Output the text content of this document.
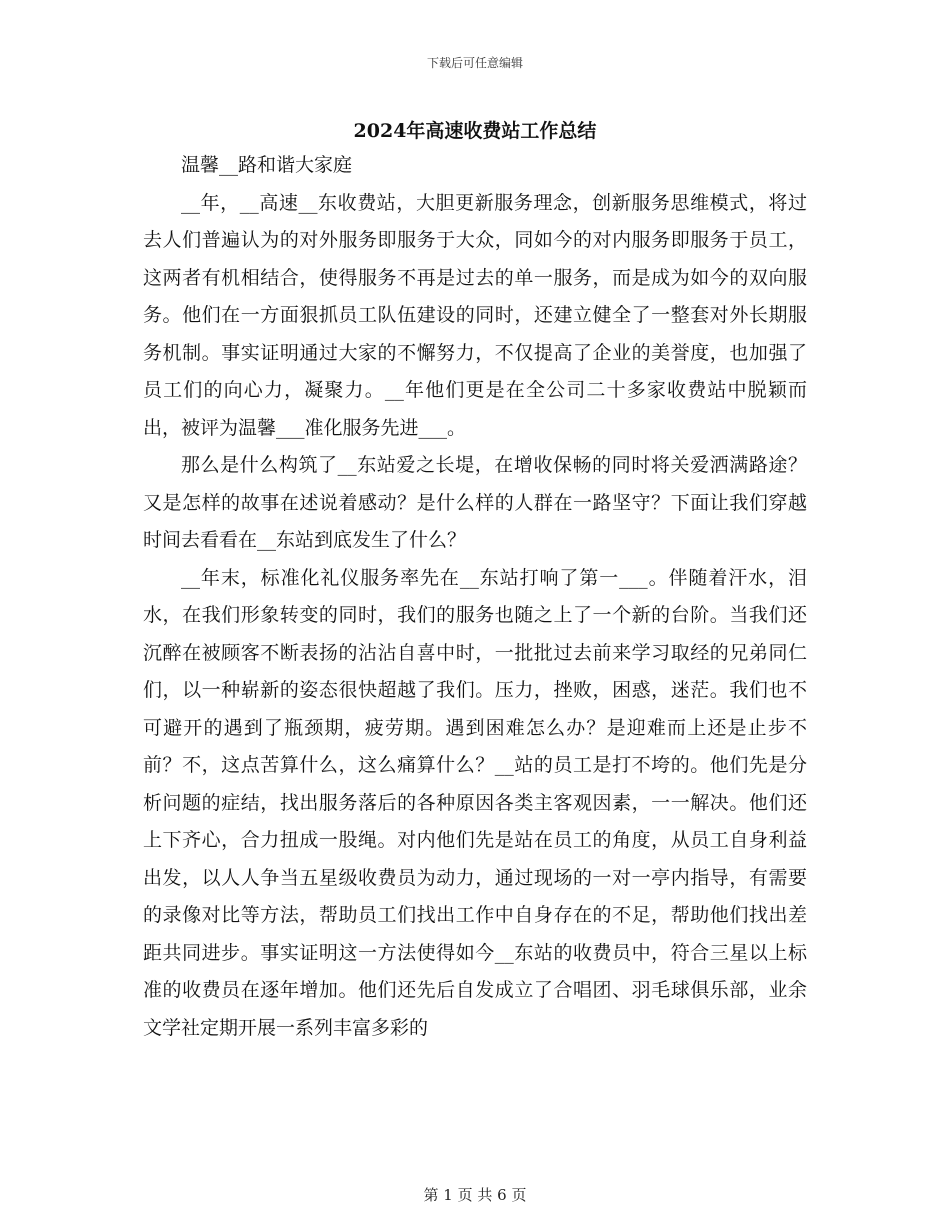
下载后可任意编辑
2024年高速收费站工作总结

温馨__路和谐大家庭

__年，__高速__东收费站，大胆更新服务理念，创新服务思维模式，将过去人们普遍认为的对外服务即服务于大众，同如今的对内服务即服务于员工，这两者有机相结合，使得服务不再是过去的单一服务，而是成为如今的双向服务。他们在一方面狠抓员工队伍建设的同时，还建立健全了一整套对外长期服务机制。事实证明通过大家的不懈努力，不仅提高了企业的美誉度，也加强了员工们的向心力，凝聚力。__年他们更是在全公司二十多家收费站中脱颖而出，被评为温馨___准化服务先进___。

那么是什么构筑了__东站爱之长堤，在增收保畅的同时将关爱洒满路途？又是怎样的故事在述说着感动？是什么样的人群在一路坚守？下面让我们穿越时间去看看在__东站到底发生了什么？

__年末，标准化礼仪服务率先在__东站打响了第一___。伴随着汗水，泪水，在我们形象转变的同时，我们的服务也随之上了一个新的台阶。当我们还沉醉在被顾客不断表扬的沾沾自喜中时，一批批过去前来学习取经的兄弟同仁们，以一种崭新的姿态很快超越了我们。压力，挫败，困惑，迷茫。我们也不可避开的遇到了瓶颈期，疲劳期。遇到困难怎么办？是迎难而上还是止步不前？不，这点苦算什么，这么痛算什么？__站的员工是打不垮的。他们先是分析问题的症结，找出服务落后的各种原因各类主客观因素，一一解决。他们还上下齐心，合力扭成一股绳。对内他们先是站在员工的角度，从员工自身利益出发，以人人争当五星级收费员为动力，通过现场的一对一亭内指导，有需要的录像对比等方法，帮助员工们找出工作中自身存在的不足，帮助他们找出差距共同进步。事实证明这一方法使得如今__东站的收费员中，符合三星以上标准的收费员在逐年增加。他们还先后自发成立了合唱团、羽毛球俱乐部，业余文学社定期开展一系列丰富多彩的

第 1 页 共 6 页
